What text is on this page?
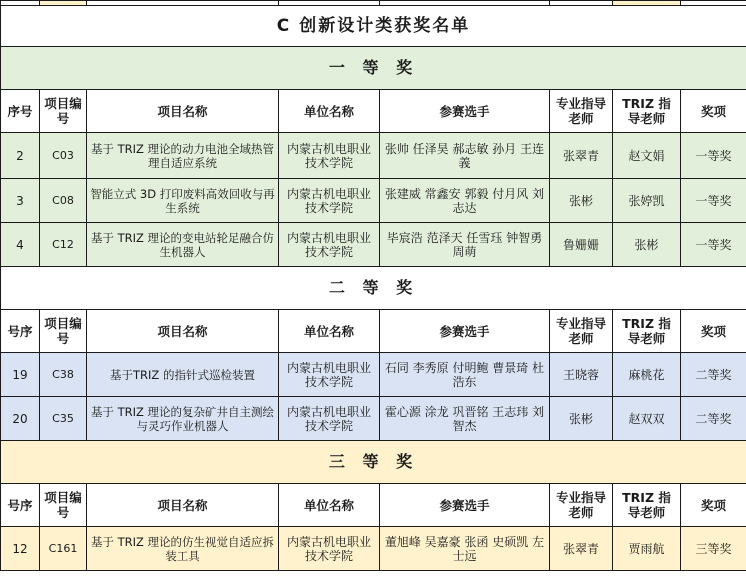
C 创新设计类获奖名单							
一 等 奖							
序号	项目编号	项目名称	单位名称	参赛选手	专业指导老师	TRIZ 指导老师	奖项
2	C03	基于 TRIZ 理论的动力电池全域热管理自适应系统	内蒙古机电职业技术学院	张帅 任泽昊 郝志敏 孙月 王连義	张翠青	赵文娟	一等奖
3	C08	智能立式 3D 打印废料高效回收与再生系统	内蒙古机电职业技术学院	张建威 常鑫安 郭毅 付月风 刘志达	张彬	张婷凯	一等奖
4	C12	基于 TRIZ 理论的变电站轮足融合仿生机器人	内蒙古机电职业技术学院	毕宸浩 范泽天 任雪珏 钟智勇 周萌	鲁姗姗	张彬	一等奖
二 等 奖							
号序	项目编号	项目名称	单位名称	参赛选手	专业指导老师	TRIZ 指导老师	奖项
19	C38	基于TRIZ 的指针式巡检装置	内蒙古机电职业技术学院	石同 李秀原 付明鲍 曹景琦 杜浩东	王晓蓉	麻桃花	二等奖
20	C35	基于 TRIZ 理论的复杂矿井自主测绘与灵巧作业机器人	内蒙古机电职业技术学院	霍心源 涂龙 巩晋铭 王志玮 刘智杰	张彬	赵双双	二等奖
三 等 奖							
号序	项目编号	项目名称	单位名称	参赛选手	专业指导老师	TRIZ 指导老师	奖项
12	C161	基于 TRIZ 理论的仿生视觉自适应拆装工具	内蒙古机电职业技术学院	董旭峰 吴嘉豪 张函 史硕凯 左士远	张翠青	贾雨航	三等奖
